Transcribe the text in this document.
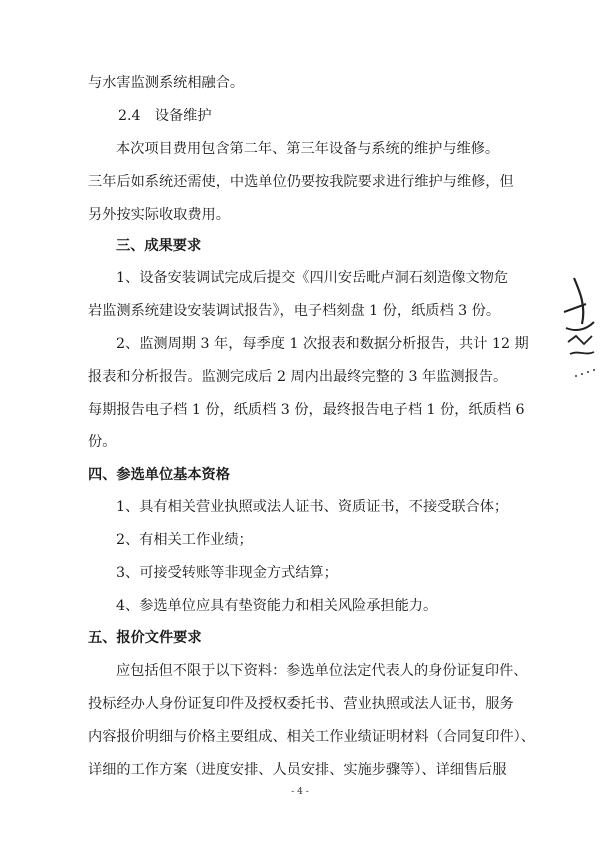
与水害监测系统相融合。
2.4　设备维护
本次项目费用包含第二年、第三年设备与系统的维护与维修。
三年后如系统还需使，中选单位仍要按我院要求进行维护与维修，但
另外按实际收取费用。
三、成果要求
1、设备安装调试完成后提交《四川安岳毗卢洞石刻造像文物危
岩监测系统建设安装调试报告》，电子档刻盘 1 份，纸质档 3 份。
2、监测周期 3 年，每季度 1 次报表和数据分析报告，共计 12 期
报表和分析报告。监测完成后 2 周内出最终完整的 3 年监测报告。
每期报告电子档 1 份，纸质档 3 份，最终报告电子档 1 份，纸质档 6
份。
四、参选单位基本资格
1、具有相关营业执照或法人证书、资质证书，不接受联合体；
2、有相关工作业绩；
3、可接受转账等非现金方式结算；
4、参选单位应具有垫资能力和相关风险承担能力。
五、报价文件要求
应包括但不限于以下资料：参选单位法定代表人的身份证复印件、
投标经办人身份证复印件及授权委托书、营业执照或法人证书，服务
内容报价明细与价格主要组成、相关工作业绩证明材料（合同复印件）、
详细的工作方案（进度安排、人员安排、实施步骤等）、详细售后服
- 4 -
